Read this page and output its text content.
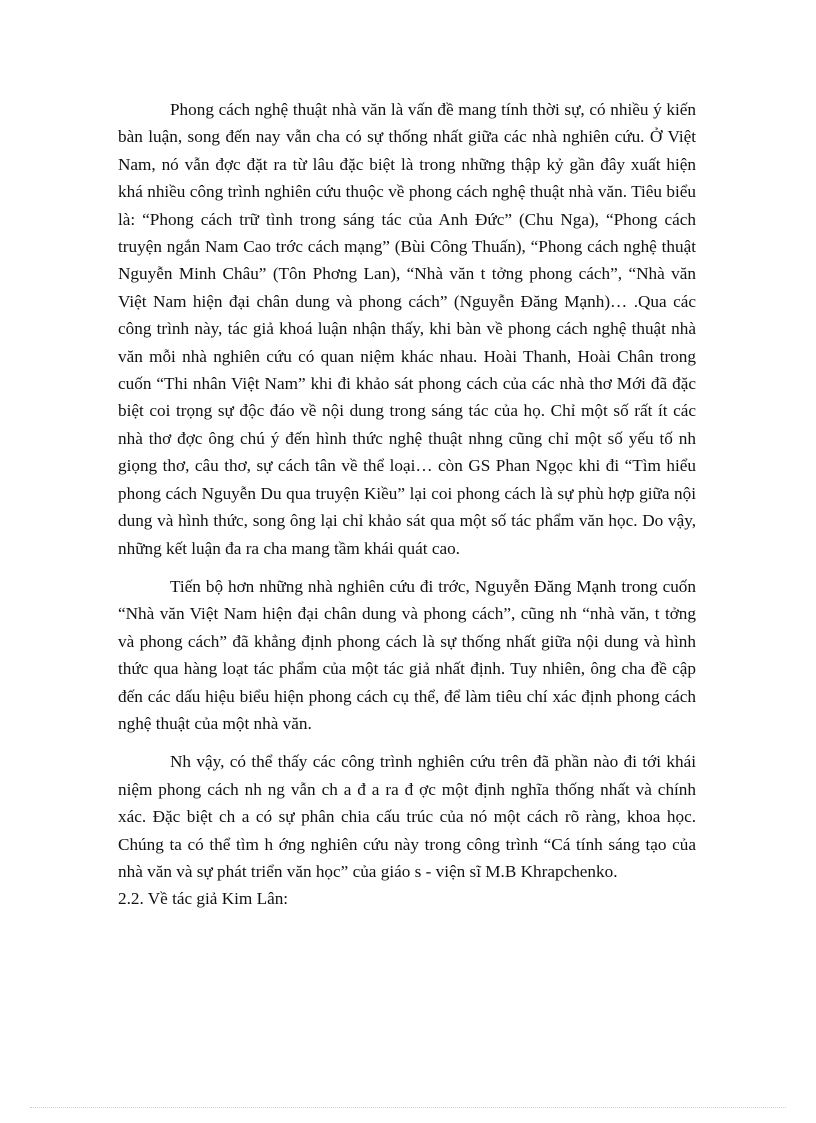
Phong cách nghệ thuật nhà văn là vấn đề mang tính thời sự, có nhiều ý kiến bàn luận, song đến nay vẫn cha có sự thống nhất giữa các nhà nghiên cứu. Ở Việt Nam, nó vẫn đợc đặt ra từ lâu đặc biệt là trong những thập kỷ gần đây xuất hiện khá nhiều công trình nghiên cứu thuộc về phong cách nghệ thuật nhà văn. Tiêu biểu là: “Phong cách trữ tình trong sáng tác của Anh Đức” (Chu Nga), “Phong cách truyện ngắn Nam Cao trớc cách mạng” (Bùi Công Thuấn), “Phong cách nghệ thuật Nguyễn Minh Châu” (Tôn Phơng Lan), “Nhà văn t tởng phong cách”, “Nhà văn Việt Nam hiện đại chân dung và phong cách” (Nguyễn Đăng Mạnh)… .Qua các công trình này, tác giả khoá luận nhận thấy, khi bàn về phong cách nghệ thuật nhà văn mỗi nhà nghiên cứu có quan niệm khác nhau. Hoài Thanh, Hoài Chân trong cuốn “Thi nhân Việt Nam” khi đi khảo sát phong cách của các nhà thơ Mới đã đặc biệt coi trọng sự độc đáo về nội dung trong sáng tác của họ. Chỉ một số rất ít các nhà thơ đợc ông chú ý đến hình thức nghệ thuật nhng cũng chỉ một số yếu tố nh giọng thơ, câu thơ, sự cách tân về thể loại… còn GS Phan Ngọc khi đi “Tìm hiểu phong cách Nguyễn Du qua truyện Kiều” lại coi phong cách là sự phù hợp giữa nội dung và hình thức, song ông lại chỉ khảo sát qua một số tác phẩm văn học. Do vậy, những kết luận đa ra cha mang tầm khái quát cao.

Tiến bộ hơn những nhà nghiên cứu đi trớc, Nguyễn Đăng Mạnh trong cuốn “Nhà văn Việt Nam hiện đại chân dung và phong cách”, cũng nh “nhà văn, t tởng và phong cách” đã khẳng định phong cách là sự thống nhất giữa nội dung và hình thức qua hàng loạt tác phẩm của một tác giả nhất định. Tuy nhiên, ông cha đề cập đến các dấu hiệu biểu hiện phong cách cụ thể, để làm tiêu chí xác định phong cách nghệ thuật của một nhà văn.

Nh vậy, có thể thấy các công trình nghiên cứu trên đã phần nào đi tới khái niệm phong cách nh ng vẫn ch a đ a ra đ ợc một định nghĩa thống nhất và chính xác. Đặc biệt ch a có sự phân chia cấu trúc của nó một cách rõ ràng, khoa học. Chúng ta có thể tìm h ớng nghiên cứu này trong công trình “Cá tính sáng tạo của nhà văn và sự phát triển văn học” của giáo s - viện sĩ M.B Khrapchenko.

2.2. Về tác giả Kim Lân:
